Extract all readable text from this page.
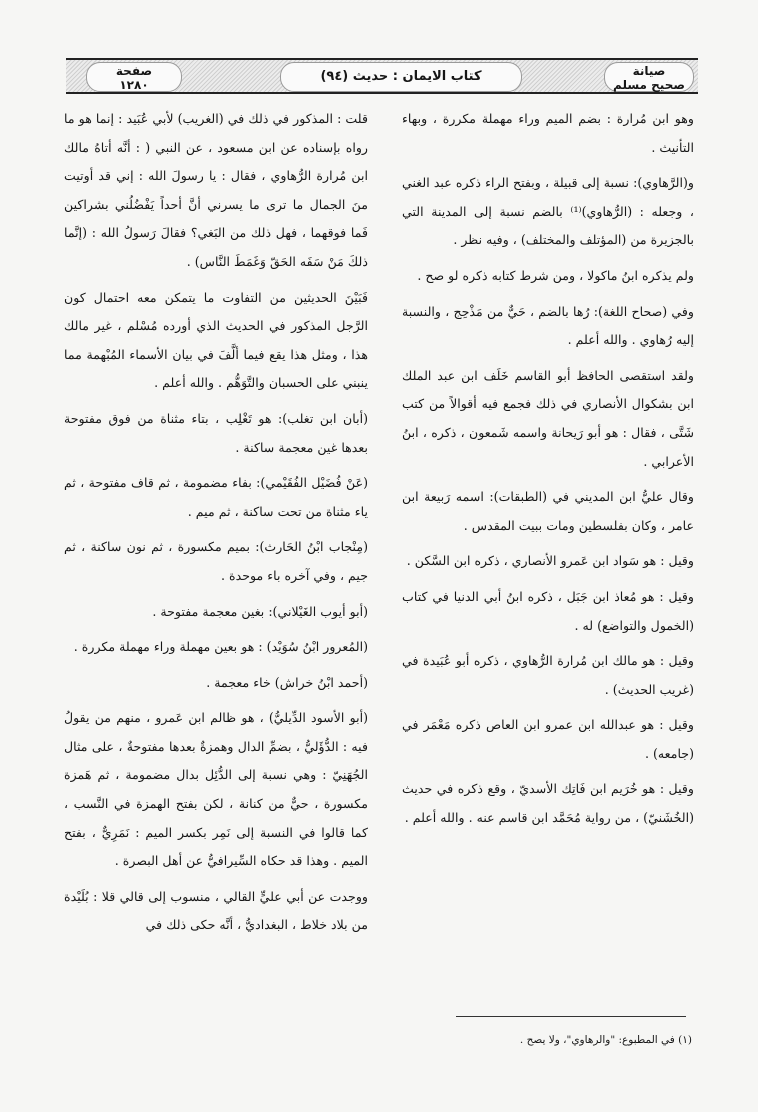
صفحة
١٢٨٠
كتاب الايمان : حديث (٩٤)	صيانة
صحيح مسلم

وهو ابن مُرارة : بضم الميم وراء مهملة مكررة ، وبهاء التأنيث .

و(الرَّهاوي): نسبة إلى قبيلة ، وبفتح الراء ذكره عبد الغني ، وجعله : (الرُّهاوي)⁽¹⁾ بالضم نسبة إلى المدينة التي بالجزيرة من (المؤتلف والمختلف) ، وفيه نظر .

ولم يذكره ابنُ ماكولا ، ومن شرط كتابه ذكره لو صح .

وفي (صحاح اللغة): رُها بالضم ، حَيٌّ من مَذْحِج ، والنسبة إليه رُهاوي . والله أعلم .

ولقد استقصى الحافظ أبو القاسم خَلَف ابن عبد الملك ابن بشكوال الأنصاري في ذلك فجمع فيه أقوالاً من كتب شَتَّى ، فقال : هو أبو رَيحانة واسمه شَمعون ، ذكره ، ابنُ الأعرابي .

وقال عليُّ ابن المديني في (الطبقات): اسمه رَبيعة ابن عامر ، وكان بفلسطين ومات ببيت المقدس .

وقيل : هو سَواد ابن عَمرو الأنصاري ، ذكره ابن السَّكن .

وقيل : هو مُعاذ ابن جَبَل ، ذكره ابنُ أبي الدنيا في كتاب (الخمول والتواضع) له .

وقيل : هو مالك ابن مُرارة الرُّهاوي ، ذكره أبو عُبَيدة في (غريب الحديث) .

وقيل : هو عبدالله ابن عمرو ابن العاص ذكره مَعْمَر في (جامعه) .

وقيل : هو خُرَيم ابن فَاتِك الأسديّ ، وقع ذكره في حديث (الخُشَنيّ) ، من رواية مُحَمَّد ابن قاسم عنه . والله أعلم .

قلت : المذكور في ذلك في (الغريب) لأبي عُبَيد : إنما هو ما رواه بإسناده عن ابن مسعود ، عن النبي ( : أنَّه أتاهُ مالك ابن مُرارة الرُّهاوي ، فقال : يا رسولَ الله : إني قد أوتيت منَ الجمال ما ترى ما يسرني أنَّ أحداً يَفْضُلُني بشراكين فَما فوقهما ، فهل ذلك من البَغي؟ فقالَ رَسولُ الله : (إنَّما ذلكَ مَنْ سَفَه الحَقّ وَغَمَطَ النَّاس) .

فَبَيْنَ الحديثين من التفاوت ما يتمكن معه احتمال كون الرَّجل المذكور في الحديث الذي أورده مُسْلم ، غير مالك هذا ، ومثل هذا يقع فيما ألَّفَ في بيان الأسماء المُبْهمة مما ينبني على الحسبان والتَّوَهُّم . والله أعلم .

(أبان ابن تغلب): هو تَغْلِب ، بتاء مثناة من فوق مفتوحة بعدها غين معجمة ساكنة .

(عَنْ فُضَيْل الفُقَيْمي): بفاء مضمومة ، ثم قاف مفتوحة ، ثم ياء مثناة من تحت ساكنة ، ثم ميم .

(مِنْجاب ابْنُ الحَارث): بميم مكسورة ، ثم نون ساكنة ، ثم جيم ، وفي آخره باء موحدة .

(أبو أيوب الغَيْلاني): بغين معجمة مفتوحة .

(المُعرور ابْنُ سُوَيْد) : هو بعين مهملة وراء مهملة مكررة .

(أحمد ابْنُ خراش) خاء معجمة .

(أبو الأسود الدِّيليُّ) ، هو ظالم ابن عَمرو ، منهم من يقولُ فيه : الدُّؤَليُّ ، بضمِّ الدال وهمزةٌ بعدها مفتوحةٌ ، على مثال الجُهَنِيّ : وهي نسبة إلى الدُّئِل بدال مضمومة ، ثم هَمزة مكسورة ، حيٌّ من كنانة ، لكن بفتح الهمزة في النَّسب ، كما قالوا في النسبة إلى نَمِر بكسر الميم : نَمَرِيٌّ ، بفتح الميم . وهذا قد حكاه السِّيرافيُّ عن أهل البصرة .

ووجدت عن أبي عليٍّ القالي ، منسوب إلى قالي قلا : بُلَيْدة من بلاد خلاط ، البغداديُّ ، أنَّه حكى ذلك في

(١) في المطبوع: "والرهاوي"، ولا يصح .
